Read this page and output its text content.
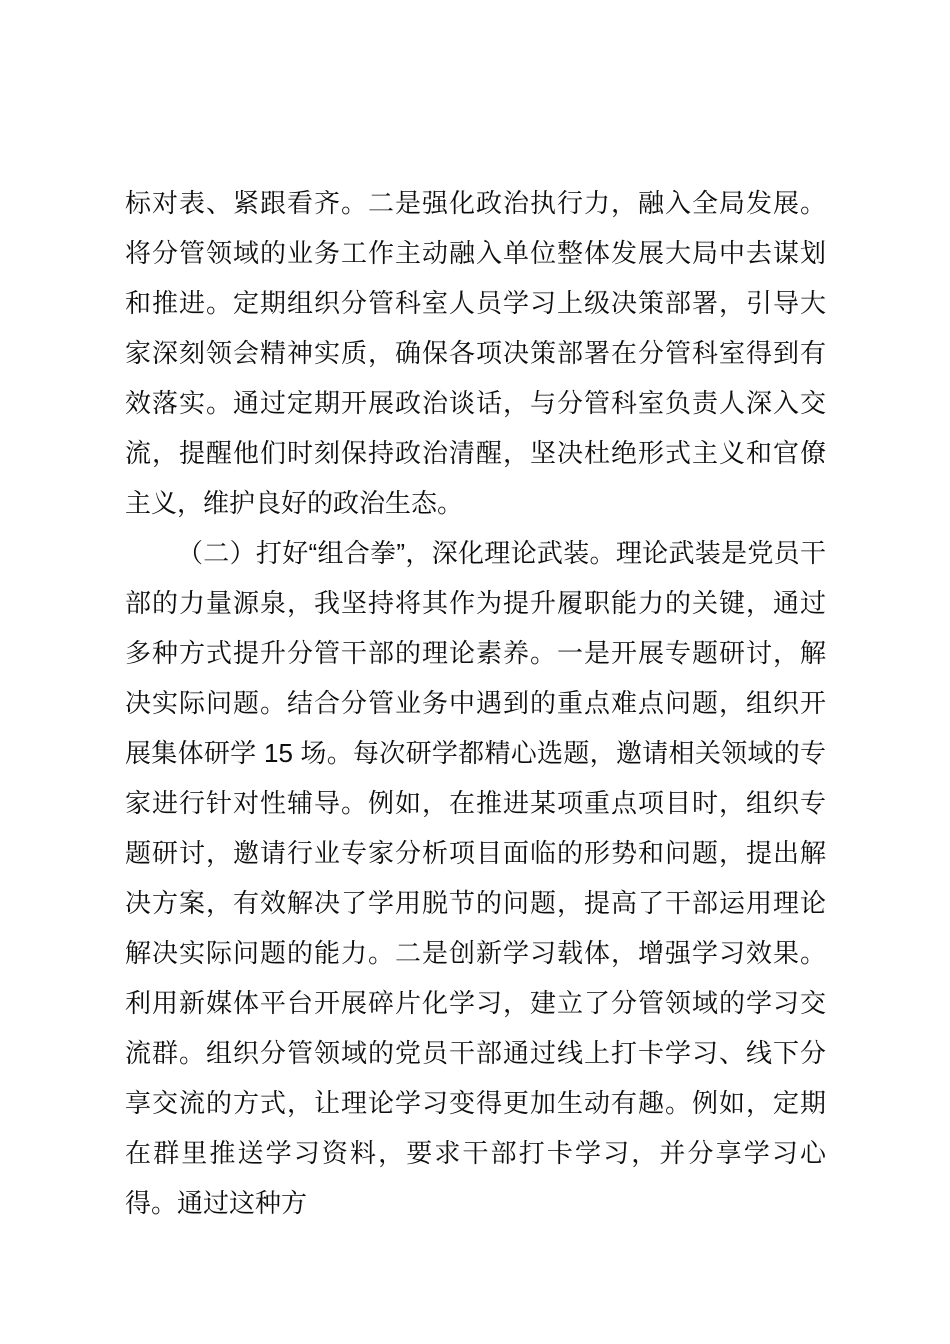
标对表、紧跟看齐。二是强化政治执行力，融入全局发展。将分管领域的业务工作主动融入单位整体发展大局中去谋划和推进。定期组织分管科室人员学习上级决策部署，引导大家深刻领会精神实质，确保各项决策部署在分管科室得到有效落实。通过定期开展政治谈话，与分管科室负责人深入交流，提醒他们时刻保持政治清醒，坚决杜绝形式主义和官僚主义，维护良好的政治生态。

（二）打好“组合拳”，深化理论武装。理论武装是党员干部的力量源泉，我坚持将其作为提升履职能力的关键，通过多种方式提升分管干部的理论素养。一是开展专题研讨，解决实际问题。结合分管业务中遇到的重点难点问题，组织开展集体研学 15 场。每次研学都精心选题，邀请相关领域的专家进行针对性辅导。例如，在推进某项重点项目时，组织专题研讨，邀请行业专家分析项目面临的形势和问题，提出解决方案，有效解决了学用脱节的问题，提高了干部运用理论解决实际问题的能力。二是创新学习载体，增强学习效果。利用新媒体平台开展碎片化学习，建立了分管领域的学习交流群。组织分管领域的党员干部通过线上打卡学习、线下分享交流的方式，让理论学习变得更加生动有趣。例如，定期在群里推送学习资料，要求干部打卡学习，并分享学习心得。通过这种方
